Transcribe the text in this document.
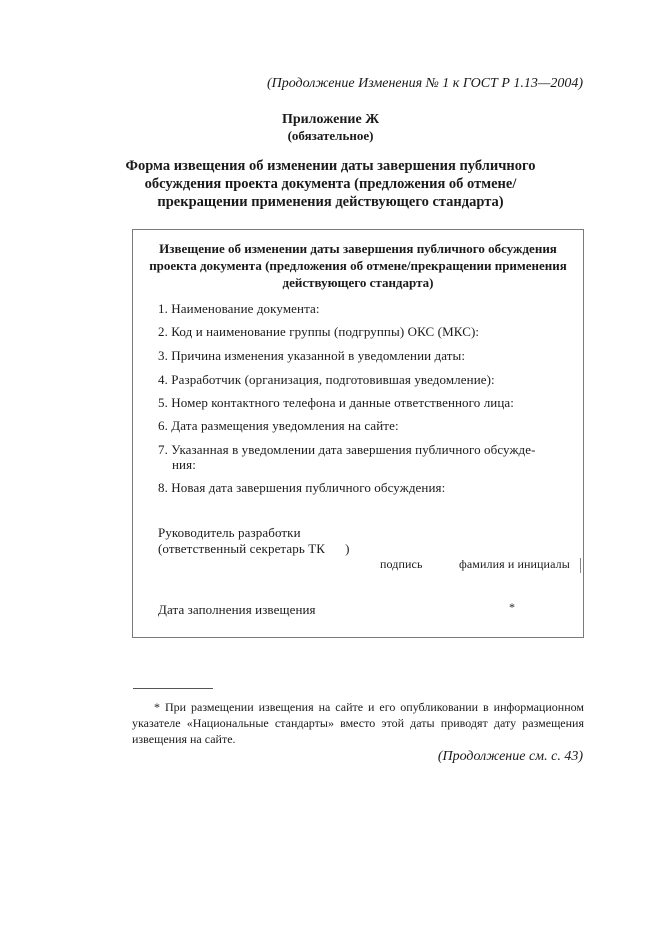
(Продолжение Изменения № 1 к ГОСТ Р 1.13—2004)
Приложение Ж
(обязательное)
Форма извещения об изменении даты завершения публичного
обсуждения проекта документа (предложения об отмене/
прекращении применения действующего стандарта)
Извещение об изменении даты завершения публичного обсуждения
проекта документа (предложения об отмене/прекращении применения
действующего стандарта)
1. Наименование документа:
2. Код и наименование группы (подгруппы) ОКС (МКС):
3. Причина изменения указанной в уведомлении даты:
4. Разработчик (организация, подготовившая уведомление):
5. Номер контактного телефона и данные ответственного лица:
6. Дата размещения уведомления на сайте:
7. Указанная в уведомлении дата завершения публичного обсужде-
ния:
8. Новая дата завершения публичного обсуждения:
Руководитель разработки
(ответственный секретарь ТК      )
подпись	фамилия и инициалы
Дата заполнения извещения	*
* При размещении извещения на сайте и его опубликовании в информационном указателе «Национальные стандарты» вместо этой даты приводят дату размещения извещения на сайте.
(Продолжение см. с. 43)
